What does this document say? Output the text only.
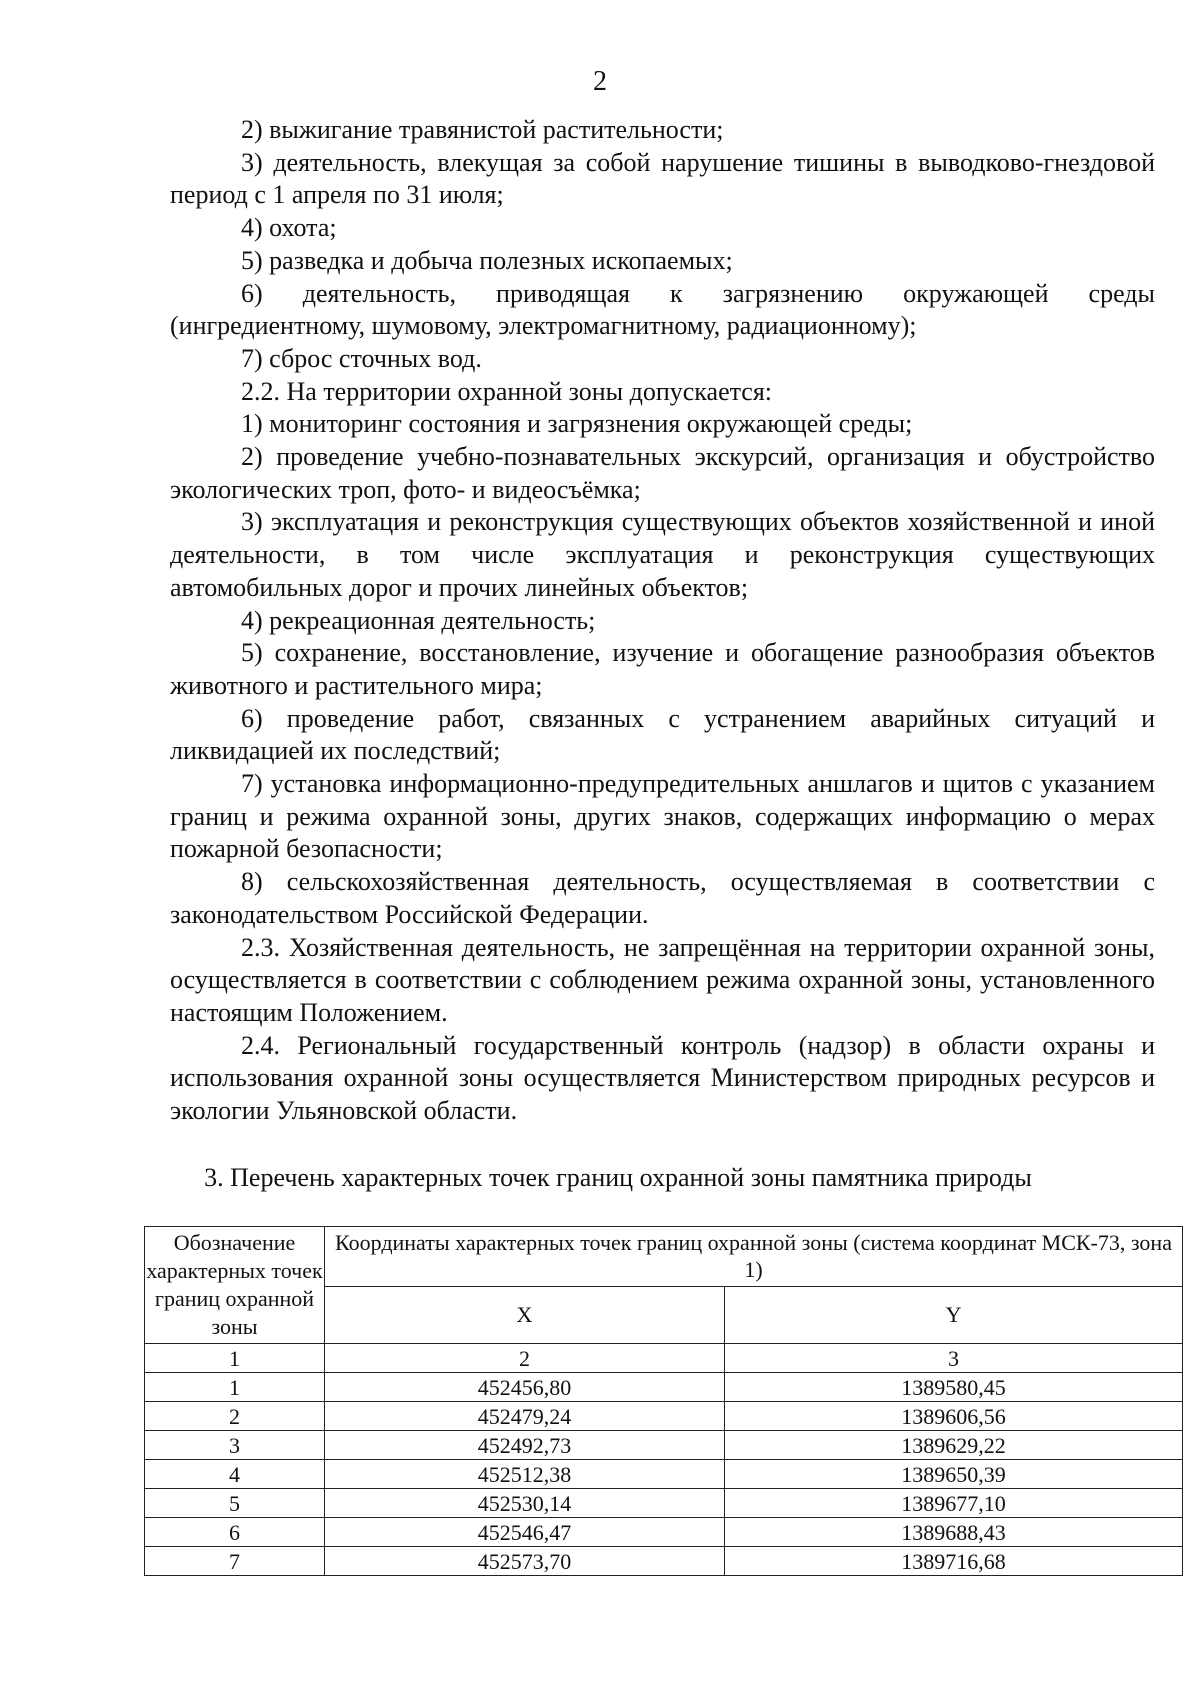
2

2) выжигание травянистой растительности;

3) деятельность, влекущая за собой нарушение тишины в выводково-гнездовой период с 1 апреля по 31 июля;

4) охота;

5) разведка и добыча полезных ископаемых;

6) деятельность, приводящая к загрязнению окружающей среды (ингредиентному, шумовому, электромагнитному, радиационному);

7) сброс сточных вод.

2.2. На территории охранной зоны допускается:

1) мониторинг состояния и загрязнения окружающей среды;

2) проведение учебно-познавательных экскурсий, организация и обустройство экологических троп, фото- и видеосъёмка;

3) эксплуатация и реконструкция существующих объектов хозяйственной и иной деятельности, в том числе эксплуатация и реконструкция существующих автомобильных дорог и прочих линейных объектов;

4) рекреационная деятельность;

5) сохранение, восстановление, изучение и обогащение разнообразия объектов животного и растительного мира;

6) проведение работ, связанных с устранением аварийных ситуаций и ликвидацией их последствий;

7) установка информационно-предупредительных аншлагов и щитов с указанием границ и режима охранной зоны, других знаков, содержащих информацию о мерах пожарной безопасности;

8) сельскохозяйственная деятельность, осуществляемая в соответствии с законодательством Российской Федерации.

2.3. Хозяйственная деятельность, не запрещённая на территории охранной зоны, осуществляется в соответствии с соблюдением режима охранной зоны, установленного настоящим Положением.

2.4. Региональный государственный контроль (надзор) в области охраны и использования охранной зоны осуществляется Министерством природных ресурсов и экологии Ульяновской области.

3. Перечень характерных точек границ охранной зоны памятника природы
Обозначение характерных точек границ охранной зоны	Координаты характерных точек границ охранной зоны (система координат МСК-73, зона 1)	
	X	Y
1	2	3
1	452456,80	1389580,45
2	452479,24	1389606,56
3	452492,73	1389629,22
4	452512,38	1389650,39
5	452530,14	1389677,10
6	452546,47	1389688,43
7	452573,70	1389716,68
